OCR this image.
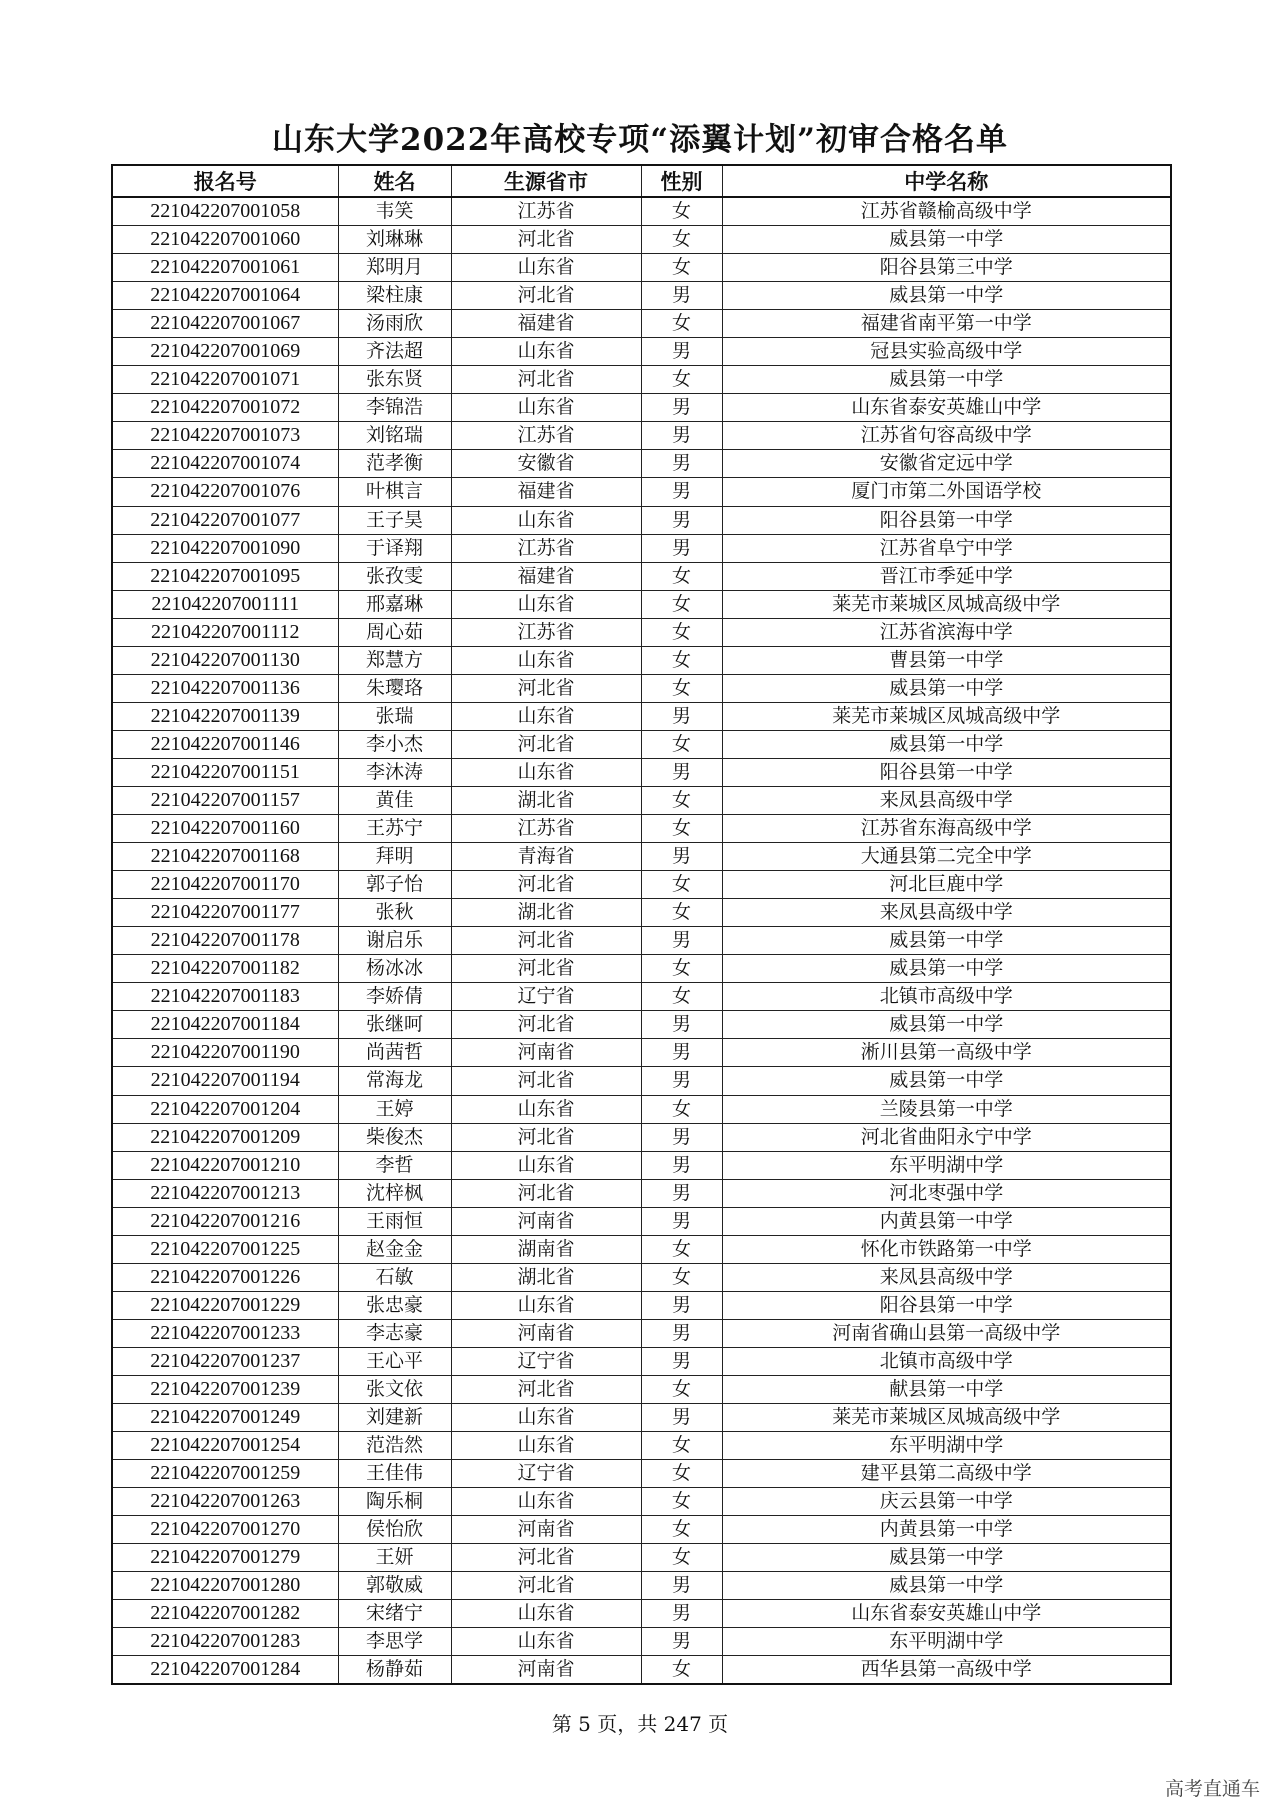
山东大学2022年高校专项“添翼计划”初审合格名单
报名号	姓名	生源省市	性别	中学名称
221042207001058	韦笑	江苏省	女	江苏省赣榆高级中学
221042207001060	刘琳琳	河北省	女	威县第一中学
221042207001061	郑明月	山东省	女	阳谷县第三中学
221042207001064	梁柱康	河北省	男	威县第一中学
221042207001067	汤雨欣	福建省	女	福建省南平第一中学
221042207001069	齐法超	山东省	男	冠县实验高级中学
221042207001071	张东贤	河北省	女	威县第一中学
221042207001072	李锦浩	山东省	男	山东省泰安英雄山中学
221042207001073	刘铭瑞	江苏省	男	江苏省句容高级中学
221042207001074	范孝衡	安徽省	男	安徽省定远中学
221042207001076	叶棋言	福建省	男	厦门市第二外国语学校
221042207001077	王子昊	山东省	男	阳谷县第一中学
221042207001090	于译翔	江苏省	男	江苏省阜宁中学
221042207001095	张孜雯	福建省	女	晋江市季延中学
221042207001111	邢嘉琳	山东省	女	莱芜市莱城区凤城高级中学
221042207001112	周心茹	江苏省	女	江苏省滨海中学
221042207001130	郑慧方	山东省	女	曹县第一中学
221042207001136	朱璎珞	河北省	女	威县第一中学
221042207001139	张瑞	山东省	男	莱芜市莱城区凤城高级中学
221042207001146	李小杰	河北省	女	威县第一中学
221042207001151	李沐涛	山东省	男	阳谷县第一中学
221042207001157	黄佳	湖北省	女	来凤县高级中学
221042207001160	王苏宁	江苏省	女	江苏省东海高级中学
221042207001168	拜明	青海省	男	大通县第二完全中学
221042207001170	郭子怡	河北省	女	河北巨鹿中学
221042207001177	张秋	湖北省	女	来凤县高级中学
221042207001178	谢启乐	河北省	男	威县第一中学
221042207001182	杨冰冰	河北省	女	威县第一中学
221042207001183	李娇倩	辽宁省	女	北镇市高级中学
221042207001184	张继呵	河北省	男	威县第一中学
221042207001190	尚茜哲	河南省	男	淅川县第一高级中学
221042207001194	常海龙	河北省	男	威县第一中学
221042207001204	王婷	山东省	女	兰陵县第一中学
221042207001209	柴俊杰	河北省	男	河北省曲阳永宁中学
221042207001210	李哲	山东省	男	东平明湖中学
221042207001213	沈梓枫	河北省	男	河北枣强中学
221042207001216	王雨恒	河南省	男	内黄县第一中学
221042207001225	赵金金	湖南省	女	怀化市铁路第一中学
221042207001226	石敏	湖北省	女	来凤县高级中学
221042207001229	张忠豪	山东省	男	阳谷县第一中学
221042207001233	李志豪	河南省	男	河南省确山县第一高级中学
221042207001237	王心平	辽宁省	男	北镇市高级中学
221042207001239	张文依	河北省	女	献县第一中学
221042207001249	刘建新	山东省	男	莱芜市莱城区凤城高级中学
221042207001254	范浩然	山东省	女	东平明湖中学
221042207001259	王佳伟	辽宁省	女	建平县第二高级中学
221042207001263	陶乐桐	山东省	女	庆云县第一中学
221042207001270	侯怡欣	河南省	女	内黄县第一中学
221042207001279	王妍	河北省	女	威县第一中学
221042207001280	郭敬威	河北省	男	威县第一中学
221042207001282	宋绪宁	山东省	男	山东省泰安英雄山中学
221042207001283	李思学	山东省	男	东平明湖中学
221042207001284	杨静茹	河南省	女	西华县第一高级中学
第 5 页，共 247 页
高考直通车
